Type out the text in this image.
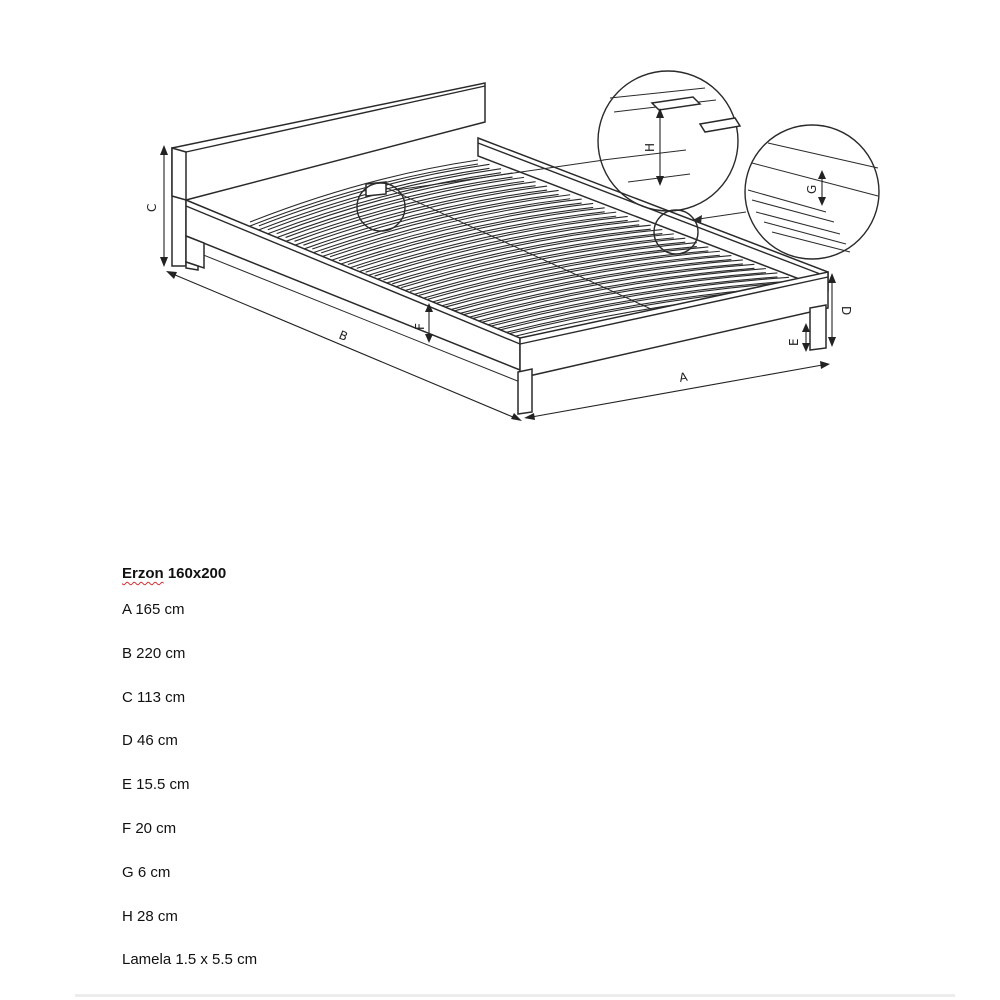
C
B
A
D
E
F
H
G

Erzon 160x200

A 165 cm
B 220 cm
C 113 cm
D 46 cm
E 15.5 cm
F 20 cm
G 6 cm
H 28 cm
Lamela 1.5 x 5.5 cm
